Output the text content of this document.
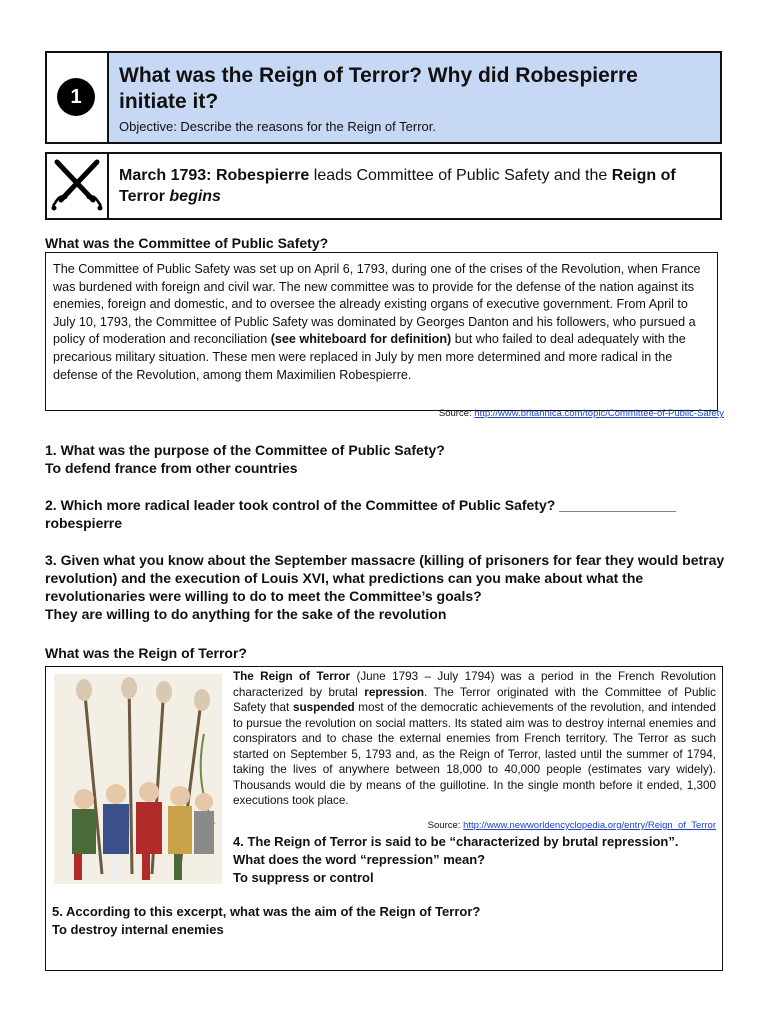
1
What was the Reign of Terror? Why did Robespierre initiate it?
Objective: Describe the reasons for the Reign of Terror.
March 1793: Robespierre leads Committee of Public Safety and the Reign of Terror begins
What was the Committee of Public Safety?
The Committee of Public Safety was set up on April 6, 1793, during one of the crises of the Revolution, when France was burdened with foreign and civil war. The new committee was to provide for the defense of the nation against its enemies, foreign and domestic, and to oversee the already existing organs of executive government. From April to July 10, 1793, the Committee of Public Safety was dominated by Georges Danton and his followers, who pursued a policy of moderation and reconciliation (see whiteboard for definition) but who failed to deal adequately with the precarious military situation. These men were replaced in July by men more determined and more radical in the defense of the Revolution, among them Maximilien Robespierre.
Source: http://www.britannica.com/topic/Committee-of-Public-Safety
1. What was the purpose of the Committee of Public Safety?
To defend france from other countries
2. Which more radical leader took control of the Committee of Public Safety? _______________
robespierre
3. Given what you know about the September massacre (killing of prisoners for fear they would betray revolution) and the execution of Louis XVI, what predictions can you make about what the revolutionaries were willing to do to meet the Committee’s goals?
They are willing to do anything for the sake of the revolution
What was the Reign of Terror?
The Reign of Terror (June 1793 – July 1794) was a period in the French Revolution characterized by brutal repression. The Terror originated with the Committee of Public Safety that suspended most of the democratic achievements of the revolution, and intended to pursue the revolution on social matters. Its stated aim was to destroy internal enemies and conspirators and to chase the external enemies from French territory. The Terror as such started on September 5, 1793 and, as the Reign of Terror, lasted until the summer of 1794, taking the lives of anywhere between 18,000 to 40,000 people (estimates vary widely). Thousands would die by means of the guillotine. In the single month before it ended, 1,300 executions took place.
Source: http://www.newworldencyclopedia.org/entry/Reign_of_Terror
4. The Reign of Terror is said to be “characterized by brutal repression”. What does the word “repression” mean?
To suppress or control
5. According to this excerpt, what was the aim of the Reign of Terror?
To destroy internal enemies
